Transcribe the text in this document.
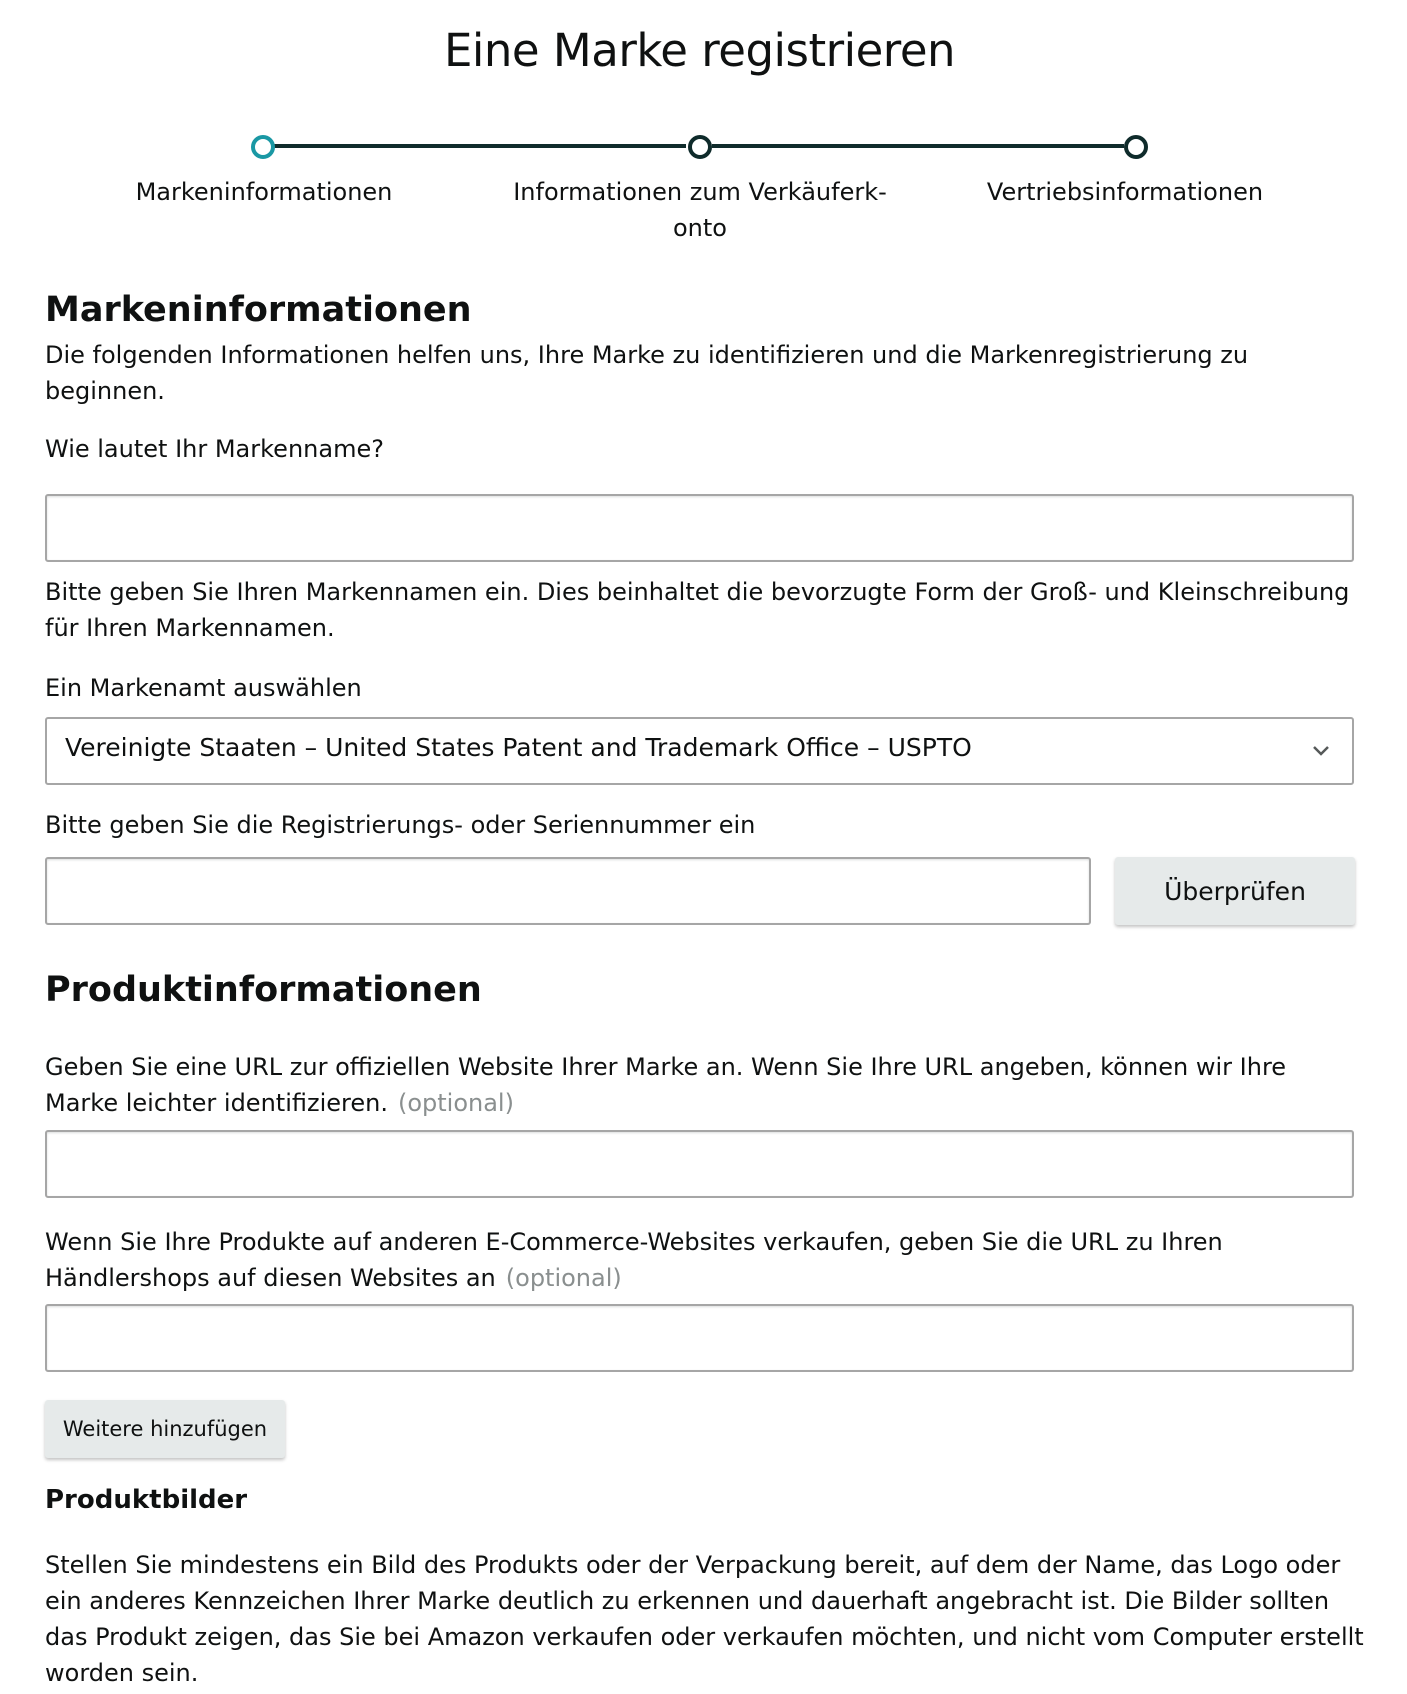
Eine Marke registrieren
Markeninformationen	Informationen zum Verkäuferk-
onto
Vertriebsinformationen
Markeninformationen

Die folgenden Informationen helfen uns, Ihre Marke zu identifizieren und die Markenregistrierung zu beginnen.

Wie lautet Ihr Markenname?

Bitte geben Sie Ihren Markennamen ein. Dies beinhaltet die bevorzugte Form der Groß- und Kleinschreibung für Ihren Markennamen.

Ein Markenamt auswählen
Vereinigte Staaten – United States Patent and Trademark Office – USPTO
Bitte geben Sie die Registrierungs- oder Seriennummer ein
Überprüfen
Produktinformationen

Geben Sie eine URL zur offiziellen Website Ihrer Marke an. Wenn Sie Ihre URL angeben, können wir Ihre Marke leichter identifizieren. (optional)

Wenn Sie Ihre Produkte auf anderen E-Commerce-Websites verkaufen, geben Sie die URL zu Ihren Händlershops auf diesen Websites an (optional)

Weitere hinzufügen
Produktbilder

Stellen Sie mindestens ein Bild des Produkts oder der Verpackung bereit, auf dem der Name, das Logo oder ein anderes Kennzeichen Ihrer Marke deutlich zu erkennen und dauerhaft angebracht ist. Die Bilder sollten das Produkt zeigen, das Sie bei Amazon verkaufen oder verkaufen möchten, und nicht vom Computer erstellt worden sein.
